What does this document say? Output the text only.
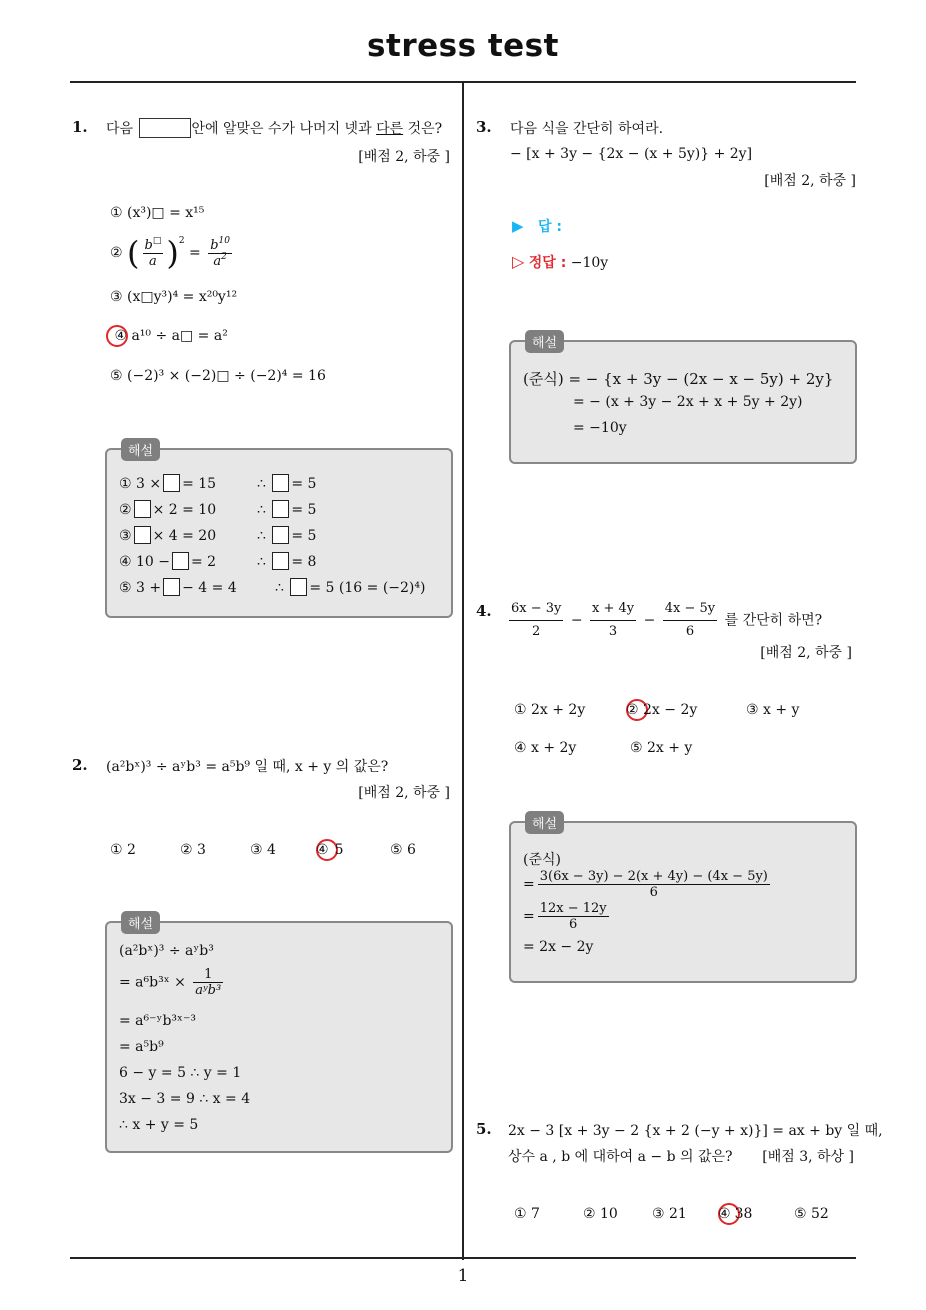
stress test
1
1. 다음	안에 알맞은 수가 나머지 넷과 다른 것은?
[배점 2, 하중 ]
① (x³)□ = x¹⁵
② ( $\frac{b^□}{a} )^2 = \frac{b^{10}}{a^2}$
③ (x□y³)⁴ = x²⁰y¹²
④ a¹⁰ ÷ a□ = a²
⑤ (−2)³ × (−2)□ ÷ (−2)⁴ = 16
해설
① 3 × = 15	∴ = 5
② × 2 = 10	∴ = 5
③ × 4 = 20	∴ = 5
④ 10 − = 2	∴ = 8
⑤ 3 + − 4 = 4	∴ = 5 (16 = (−2)⁴)
2. (a²bˣ)³ ÷ aʸb³ = a⁵b⁹ 일 때, x + y 의 값은?
[배점 2, 하중 ]
① 2	② 3	③ 4	④ 5	⑤ 6
해설
(a²bˣ)³ ÷ aʸb³
= a⁶b³ˣ × $\frac{1}{\text{aʸb³}}$
= a⁶⁻ʸb³ˣ⁻³
= a⁵b⁹
6 − y = 5 ∴ y = 1
3x − 3 = 9 ∴ x = 4
∴ x + y = 5
3. 다음 식을 간단히 하여라.
− [x + 3y − {2x − (x + 5y)} + 2y]
[배점 2, 하중 ]
▶ 답 :
▷ 정답 : −10y
해설
(준식) = − {x + 3y − (2x − x − 5y) + 2y}
= − (x + 3y − 2x + x + 5y + 2y)
= −10y
4. $\frac{6x - 3y}{2} - \frac{x + 4y}{3} - \frac{4x - 5y}{6}$ 를 간단히 하면?
[배점 2, 하중 ]
① 2x + 2y	② 2x − 2y	③ x + y
④ x + 2y	⑤ 2x + y
해설
(준식)
= $\frac{3(6x - 3y) - 2(x + 4y) - (4x - 5y)}{6}$
= $\frac{12x - 12y}{6}$
= 2x − 2y
5. 2x − 3 [x + 3y − 2 {x + 2 (−y + x)}] = ax + by 일 때,
상수 a , b 에 대하여 a − b 의 값은?	[배점 3, 하상 ]
① 7	② 10 ③ 21 ④ 38	⑤ 52
